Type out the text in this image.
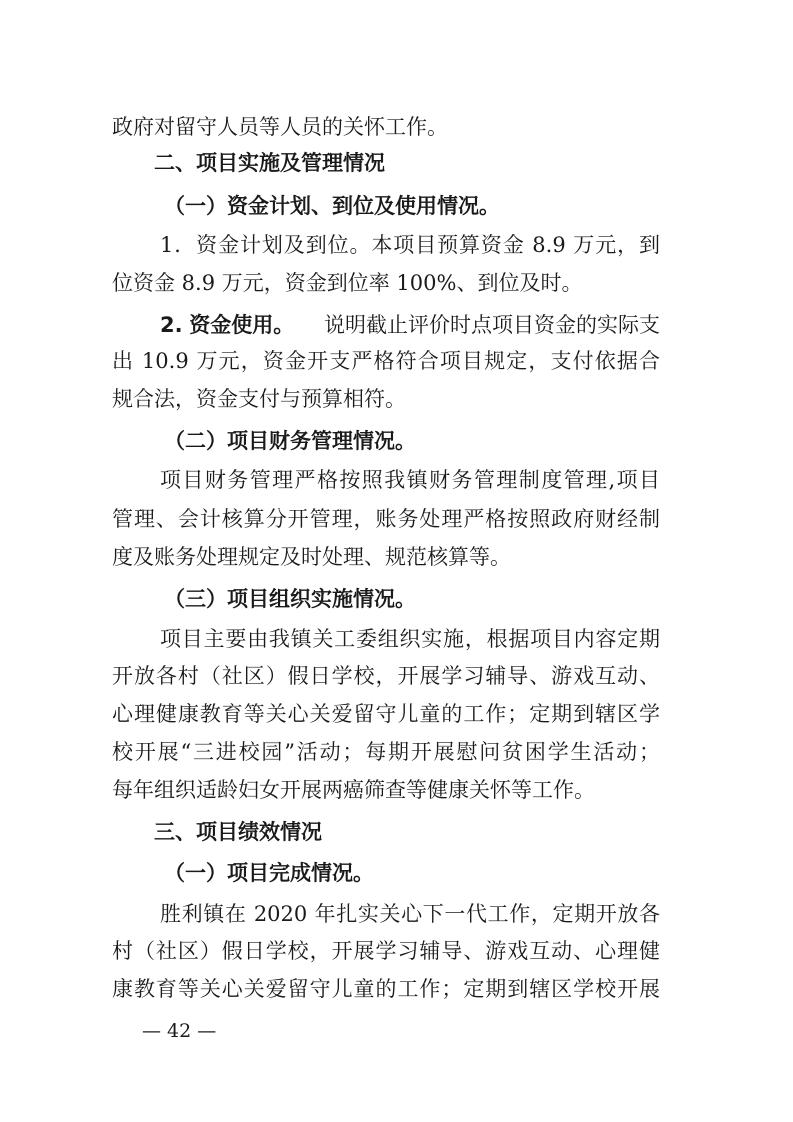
政府对留守人员等人员的关怀工作。
二、项目实施及管理情况
（一）资金计划、到位及使用情况。
1．资金计划及到位。本项目预算资金 8.9 万元，到
位资金 8.9 万元，资金到位率 100%、到位及时。
2. 资金使用。 说明截止评价时点项目资金的实际支
出 10.9 万元，资金开支严格符合项目规定，支付依据合
规合法，资金支付与预算相符。
（二）项目财务管理情况。
项目财务管理严格按照我镇财务管理制度管理,项目
管理、会计核算分开管理，账务处理严格按照政府财经制
度及账务处理规定及时处理、规范核算等。
（三）项目组织实施情况。
项目主要由我镇关工委组织实施，根据项目内容定期
开放各村（社区）假日学校，开展学习辅导、游戏互动、
心理健康教育等关心关爱留守儿童的工作；定期到辖区学
校开展“三进校园”活动；每期开展慰问贫困学生活动；
每年组织适龄妇女开展两癌筛查等健康关怀等工作。
三、项目绩效情况
（一）项目完成情况。
胜利镇在 2020 年扎实关心下一代工作，定期开放各
村（社区）假日学校，开展学习辅导、游戏互动、心理健
康教育等关心关爱留守儿童的工作；定期到辖区学校开展
— 42 —
